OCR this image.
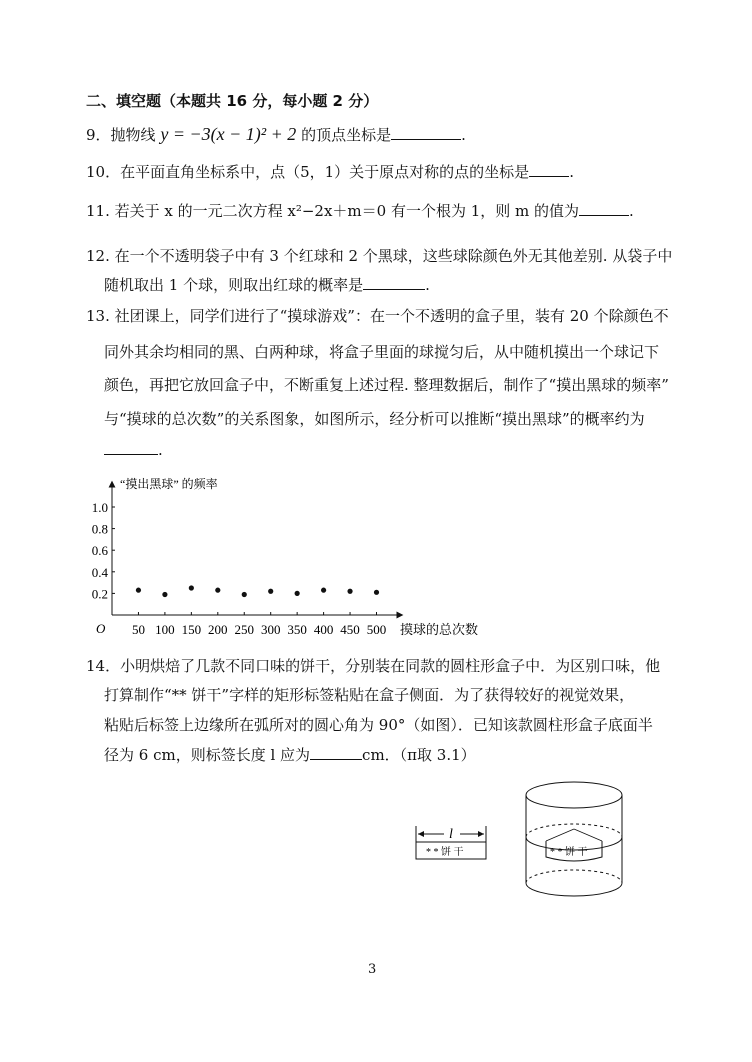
二、填空题（本题共 16 分，每小题 2 分）
9．抛物线 y = −3(x − 1)² + 2 的顶点坐标是	.
10．在平面直角坐标系中，点（5，1）关于原点对称的点的坐标是	.
11. 若关于 x 的一元二次方程 x²−2x＋m＝0 有一个根为 1，则 m 的值为	.
12. 在一个不透明袋子中有 3 个红球和 2 个黑球，这些球除颜色外无其他差别. 从袋子中
随机取出 1 个球，则取出红球的概率是	.
13. 社团课上，同学们进行了“摸球游戏”：在一个不透明的盒子里，装有 20 个除颜色不
同外其余均相同的黑、白两种球，将盒子里面的球搅匀后，从中随机摸出一个球记下
颜色，再把它放回盒子中，不断重复上述过程. 整理数据后，制作了“摸出黑球的频率”
与“摸球的总次数”的关系图象，如图所示，经分析可以推断“摸出黑球”的概率约为
.
“摸出黑球” 的频率
摸球的总次数
O 50 100 150 200 250 300 350 400 450 500
0.2
0.4
0.6
0.8
1.0
14．小明烘焙了几款不同口味的饼干，分别装在同款的圆柱形盒子中．为区别口味，他
打算制作“** 饼干”字样的矩形标签粘贴在盒子侧面．为了获得较好的视觉效果，
粘贴后标签上边缘所在弧所对的圆心角为 90°（如图）．已知该款圆柱形盒子底面半
径为 6 cm，则标签长度 l 应为	cm．（π取 3.1）
l
* * 饼 干	* * 饼 干
3
